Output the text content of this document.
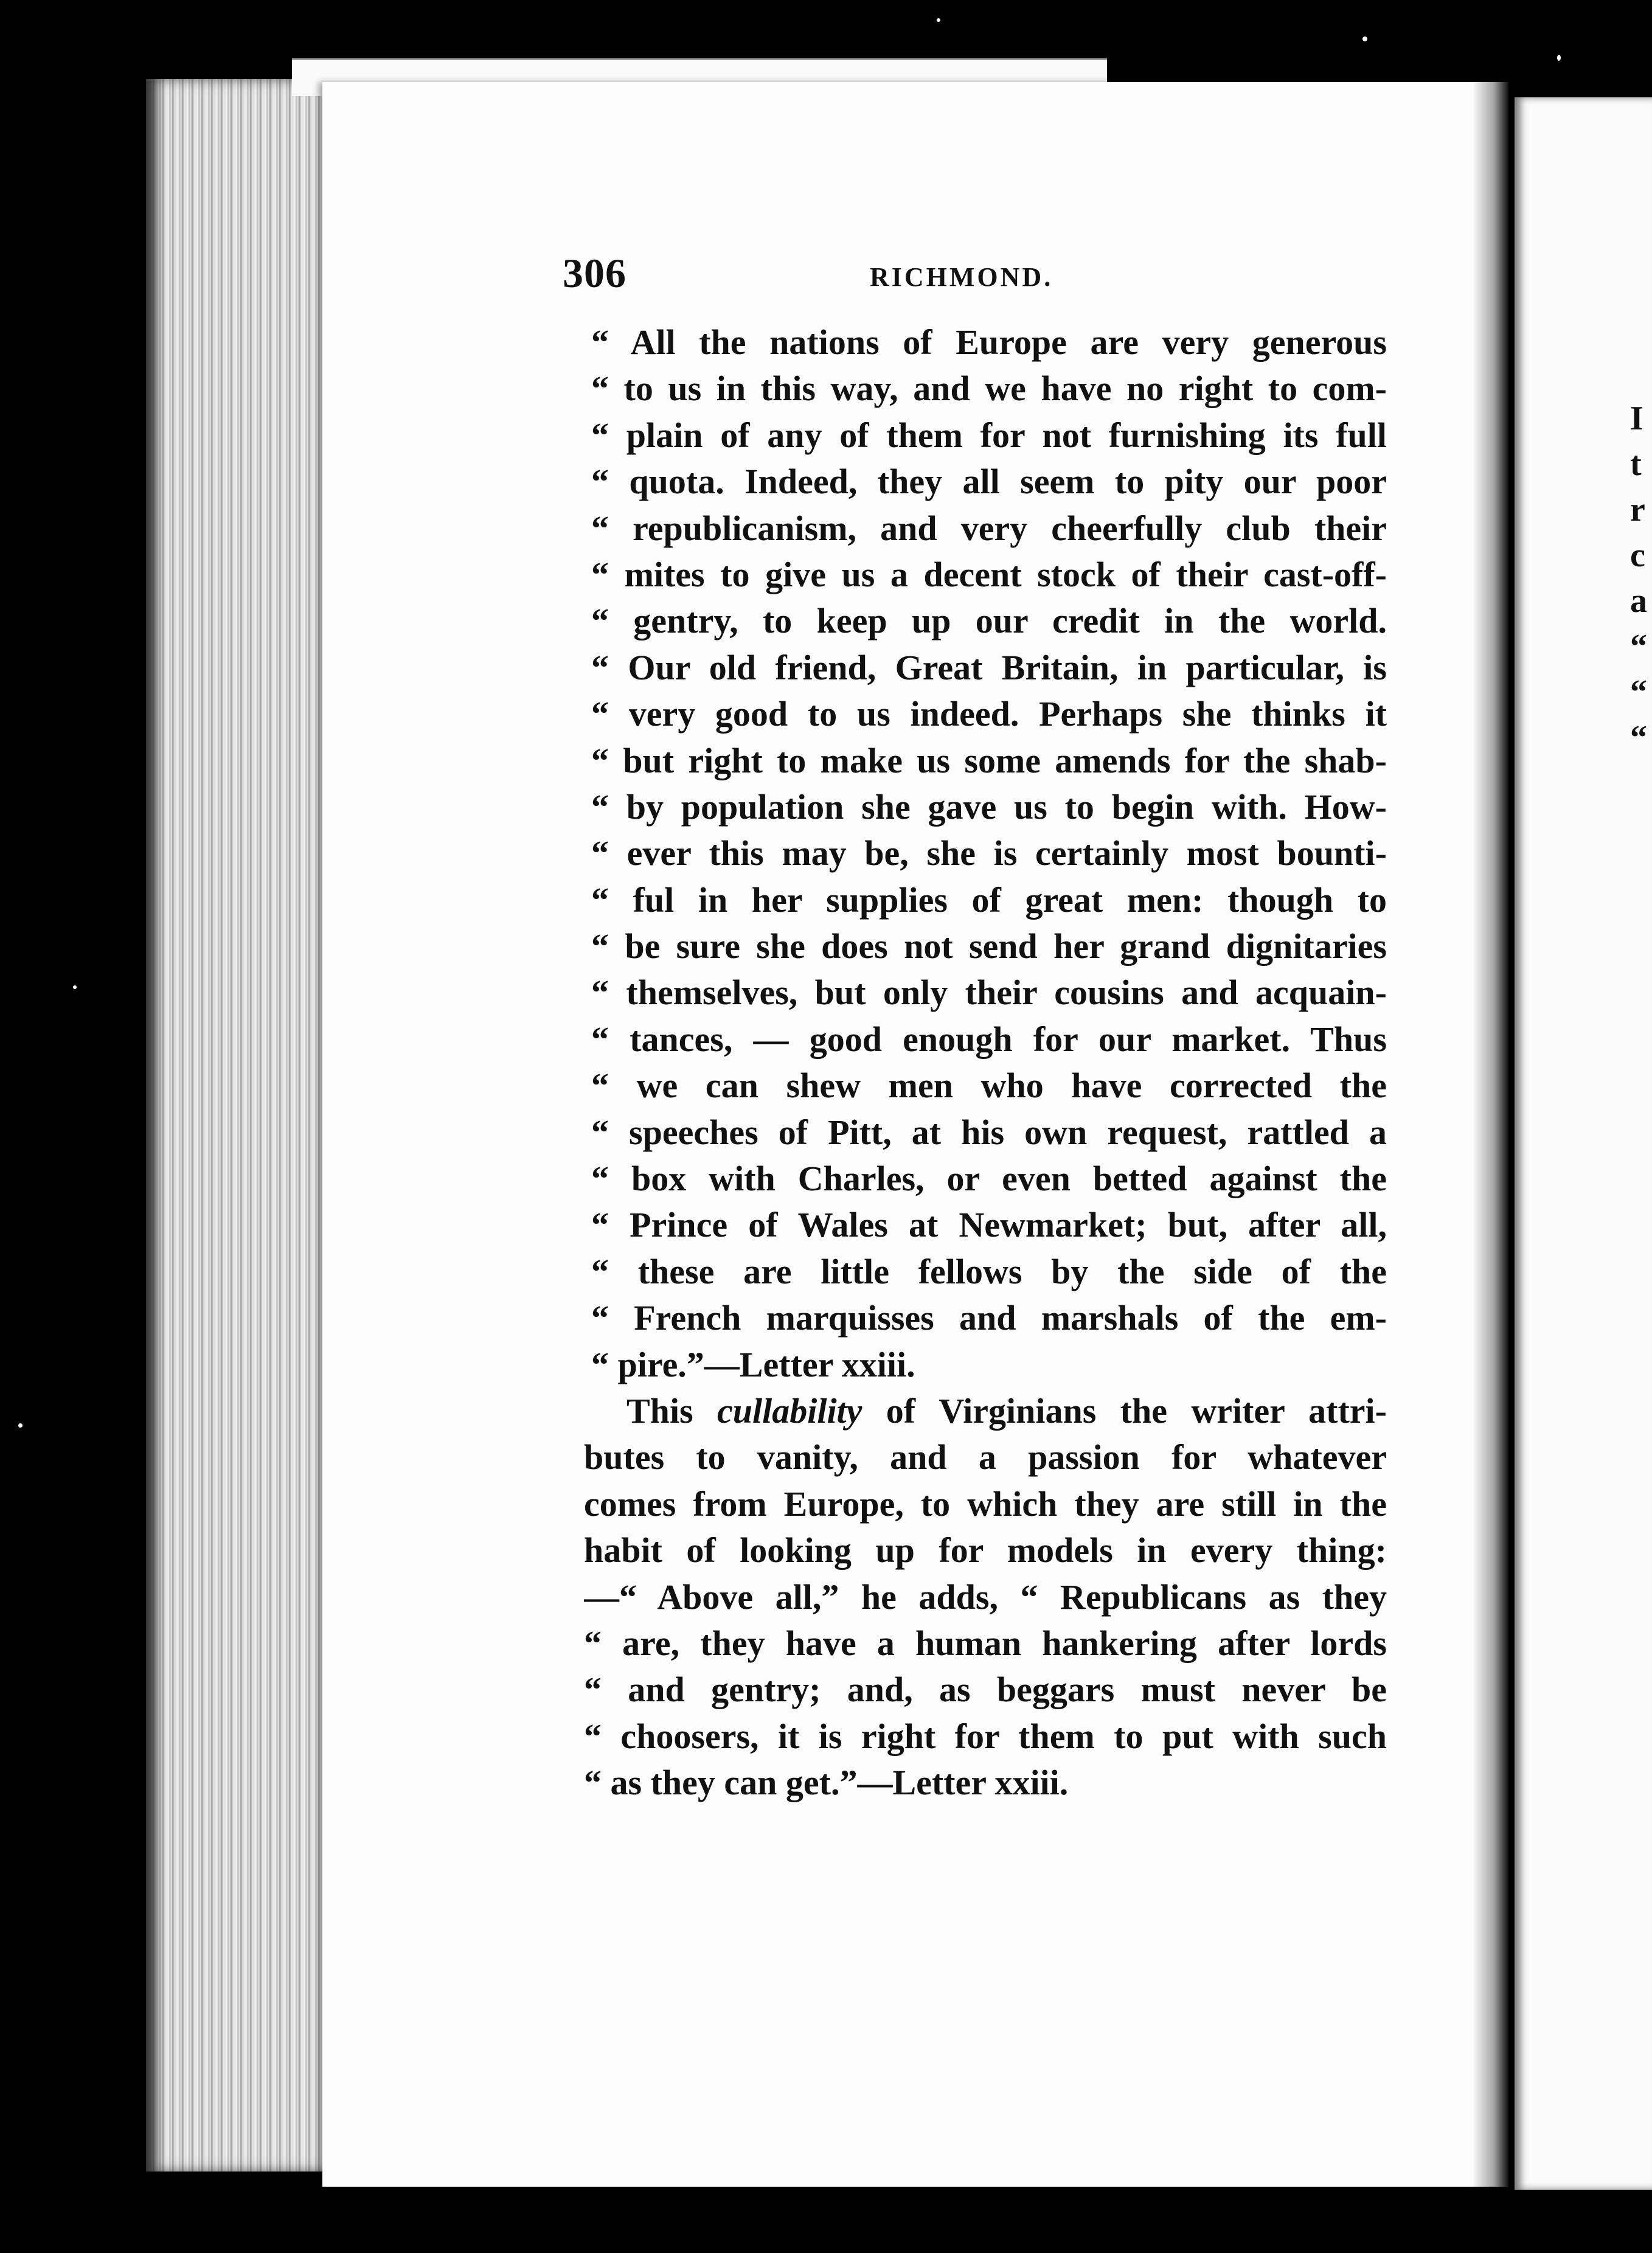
I
t
r
c
a
“
“
“
306	RICHMOND.
“ All the nations of Europe are very generous
“ to us in this way, and we have no right to com-
“ plain of any of them for not furnishing its full
“ quota. Indeed, they all seem to pity our poor
“ republicanism, and very cheerfully club their
“ mites to give us a decent stock of their cast-off-
“ gentry, to keep up our credit in the world.
“ Our old friend, Great Britain, in particular, is
“ very good to us indeed. Perhaps she thinks it
“ but right to make us some amends for the shab-
“ by population she gave us to begin with. How-
“ ever this may be, she is certainly most bounti-
“ ful in her supplies of great men: though to
“ be sure she does not send her grand dignitaries
“ themselves, but only their cousins and acquain-
“ tances, — good enough for our market. Thus
“ we can shew men who have corrected the
“ speeches of Pitt, at his own request, rattled a
“ box with Charles, or even betted against the
“ Prince of Wales at Newmarket; but, after all,
“ these are little fellows by the side of the
“ French marquisses and marshals of the em-
“ pire.”—Letter xxiii.
This cullability of Virginians the writer attri-
butes to vanity, and a passion for whatever
comes from Europe, to which they are still in the
habit of looking up for models in every thing:
—“ Above all,” he adds, “ Republicans as they
“ are, they have a human hankering after lords
“ and gentry; and, as beggars must never be
“ choosers, it is right for them to put with such
“ as they can get.”—Letter xxiii.
